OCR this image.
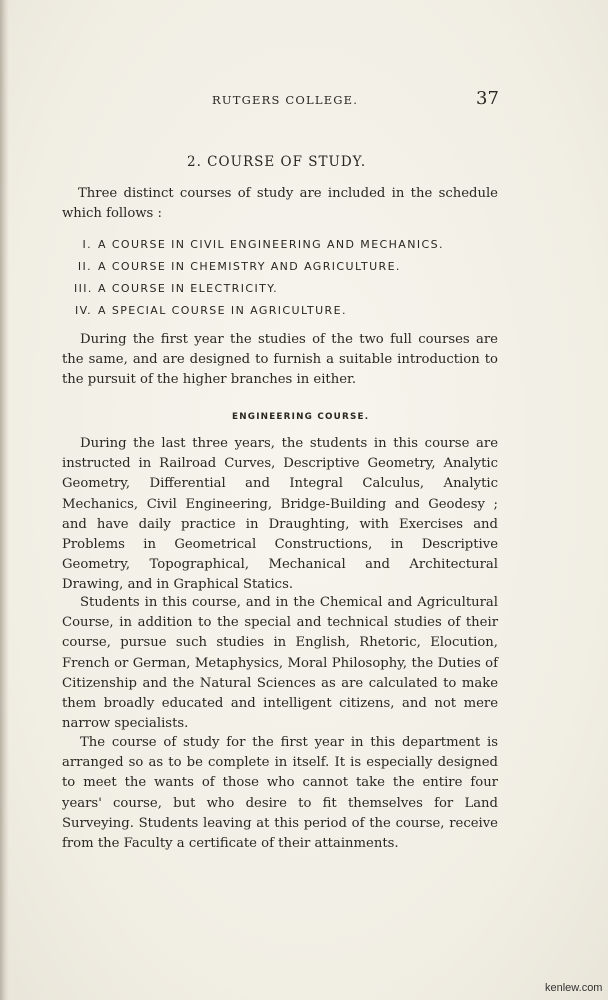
RUTGERS COLLEGE.	37
2. COURSE OF STUDY.

Three distinct courses of study are included in the schedule which follows :

I. A COURSE IN CIVIL ENGINEERING AND MECHANICS.
II. A COURSE IN CHEMISTRY AND AGRICULTURE.
III. A COURSE IN ELECTRICITY.
IV. A SPECIAL COURSE IN AGRICULTURE.

During the first year the studies of the two full courses are the same, and are designed to furnish a suitable introduction to the pursuit of the higher branches in either.

ENGINEERING COURSE.

During the last three years, the students in this course are instructed in Railroad Curves, Descriptive Geometry, Analytic Geometry, Differential and Integral Calculus, Analytic Mechanics, Civil Engineering, Bridge-Building and Geodesy ; and have daily practice in Draughting, with Exercises and Problems in Geometrical Constructions, in Descriptive Geometry, Topographical, Mechanical and Architectural Drawing, and in Graphical Statics.

Students in this course, and in the Chemical and Agricultural Course, in addition to the special and technical studies of their course, pursue such studies in English, Rhetoric, Elocution, French or German, Metaphysics, Moral Philosophy, the Duties of Citizenship and the Natural Sciences as are calculated to make them broadly educated and intelligent citizens, and not mere narrow specialists.

The course of study for the first year in this department is arranged so as to be complete in itself. It is especially designed to meet the wants of those who cannot take the entire four years' course, but who desire to fit themselves for Land Surveying. Students leaving at this period of the course, receive from the Faculty a certificate of their attainments.

kenlew.com
